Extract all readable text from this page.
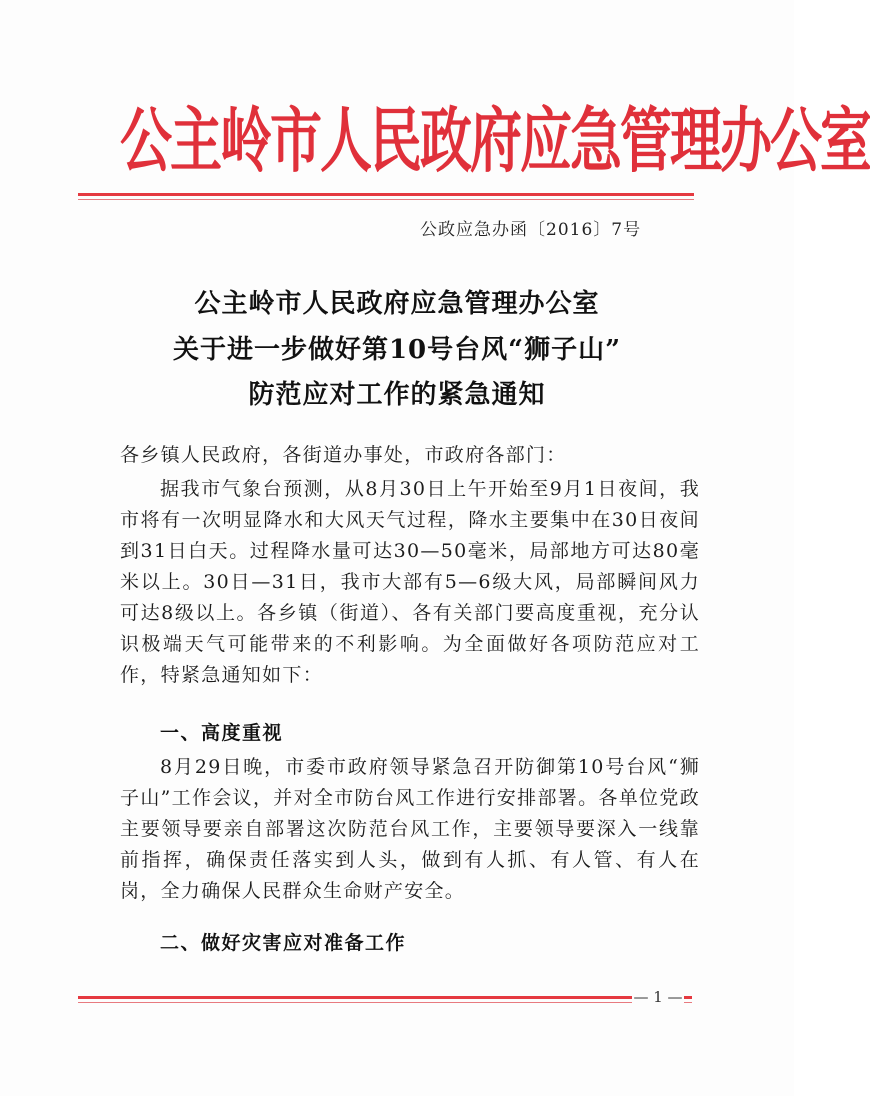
公主岭市人民政府应急管理办公室
公政应急办函〔2016〕7号
公主岭市人民政府应急管理办公室
关于进一步做好第10号台风“狮子山”
防范应对工作的紧急通知
各乡镇人民政府，各街道办事处，市政府各部门：
据我市气象台预测，从8月30日上午开始至9月1日夜间，我市将有一次明显降水和大风天气过程，降水主要集中在30日夜间到31日白天。过程降水量可达30—50毫米，局部地方可达80毫米以上。30日—31日，我市大部有5—6级大风，局部瞬间风力可达8级以上。各乡镇（街道）、各有关部门要高度重视，充分认识极端天气可能带来的不利影响。为全面做好各项防范应对工作，特紧急通知如下：
一、高度重视
8月29日晚，市委市政府领导紧急召开防御第10号台风“狮子山”工作会议，并对全市防台风工作进行安排部署。各单位党政主要领导要亲自部署这次防范台风工作，主要领导要深入一线靠前指挥，确保责任落实到人头，做到有人抓、有人管、有人在岗，全力确保人民群众生命财产安全。
二、做好灾害应对准备工作
— 1 —
